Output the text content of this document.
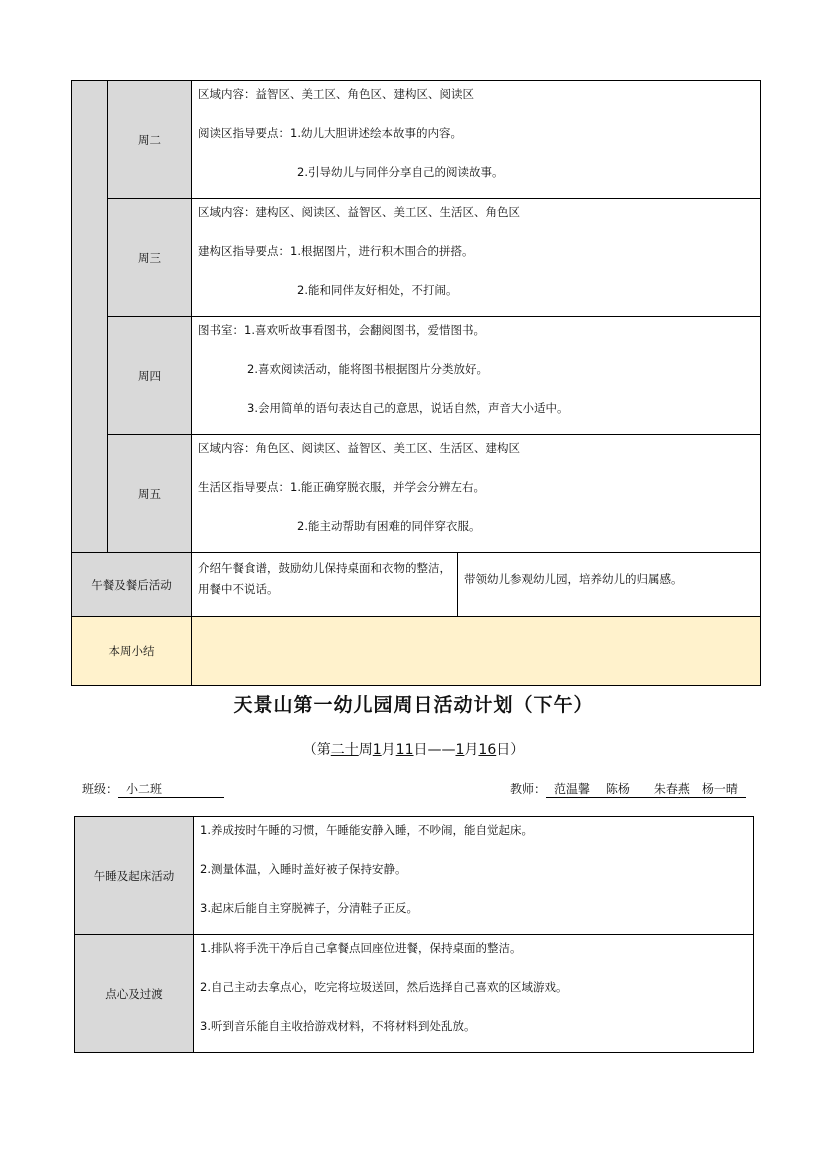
	周二	区域内容：益智区、美工区、角色区、建构区、阅读区
阅读区指导要点：1.幼儿大胆讲述绘本故事的内容。
2.引导幼儿与同伴分享自己的阅读故事。	

	周三	区域内容：建构区、阅读区、益智区、美工区、生活区、角色区
建构区指导要点：1.根据图片，进行积木围合的拼搭。
2.能和同伴友好相处，不打闹。	

	周四	图书室：1.喜欢听故事看图书，会翻阅图书，爱惜图书。
2.喜欢阅读活动，能将图书根据图片分类放好。
3.会用简单的语句表达自己的意思，说话自然，声音大小适中。	

	周五	区域内容：角色区、阅读区、益智区、美工区、生活区、建构区
生活区指导要点：1.能正确穿脱衣服，并学会分辨左右。
2.能主动帮助有困难的同伴穿衣服。	

午餐及餐后活动		介绍午餐食谱，鼓励幼儿保持桌面和衣物的整洁，用餐中不说话。	带领幼儿参观幼儿园，培养幼儿的归属感。

本周小结			
天景山第一幼儿园周日活动计划（下午）
（第二十周1月11日——1月16日）
班级： 小二班	教师： 范温馨　 陈杨　　朱春燕　杨一晴
午睡及起床活动	1.养成按时午睡的习惯，午睡能安静入睡，不吵闹，能自觉起床。
2.测量体温，入睡时盖好被子保持安静。
3.起床后能自主穿脱裤子，分清鞋子正反。

点心及过渡	1.排队将手洗干净后自己拿餐点回座位进餐，保持桌面的整洁。
2.自己主动去拿点心，吃完将垃圾送回，然后选择自己喜欢的区域游戏。
3.听到音乐能自主收拾游戏材料，不将材料到处乱放。
